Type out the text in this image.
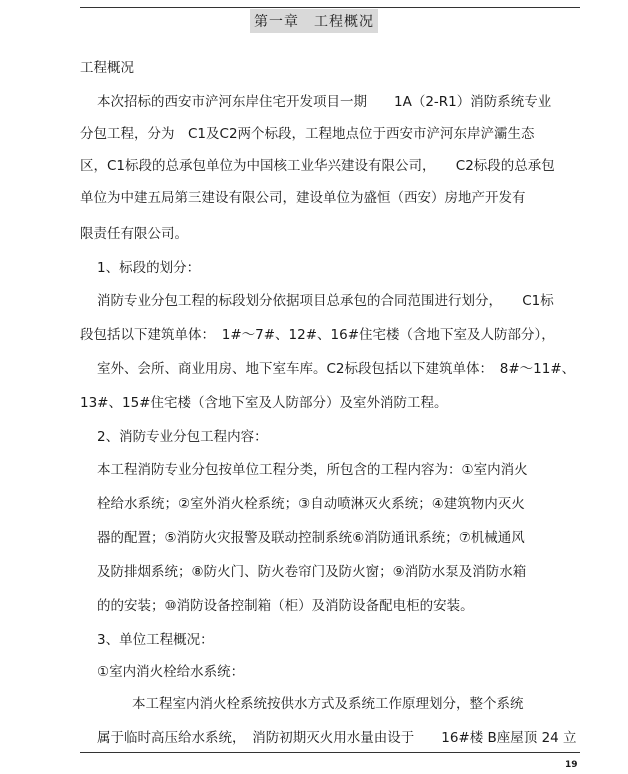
第一章　工程概况
工程概况
本次招标的西安市浐河东岸住宅开发项目一期　　1A（2-R1）消防系统专业
分包工程，分为　C1及C2两个标段，工程地点位于西安市浐河东岸浐灞生态
区，C1标段的总承包单位为中国核工业华兴建设有限公司，　　C2标段的总承包
单位为中建五局第三建设有限公司，建设单位为盛恒（西安）房地产开发有
限责任有限公司。
1、标段的划分：
消防专业分包工程的标段划分依据项目总承包的合同范围进行划分，　　C1标
段包括以下建筑单体：　1#～7#、12#、16#住宅楼（含地下室及人防部分），
室外、会所、商业用房、地下室车库。C2标段包括以下建筑单体：　8#～11#、
13#、15#住宅楼（含地下室及人防部分）及室外消防工程。
2、消防专业分包工程内容：
本工程消防专业分包按单位工程分类，所包含的工程内容为：①室内消火
栓给水系统；②室外消火栓系统；③自动喷淋灭火系统；④建筑物内灭火
器的配置；⑤消防火灾报警及联动控制系统⑥消防通讯系统；⑦机械通风
及防排烟系统；⑧防火门、防火卷帘门及防火窗；⑨消防水泵及消防水箱
的的安装；⑩消防设备控制箱（柜）及消防设备配电柜的安装。
3、单位工程概况：
①室内消火栓给水系统：
本工程室内消火栓系统按供水方式及系统工作原理划分，整个系统
属于临时高压给水系统，　消防初期灭火用水量由设于　　16#楼 B座屋顶 24 立
19
